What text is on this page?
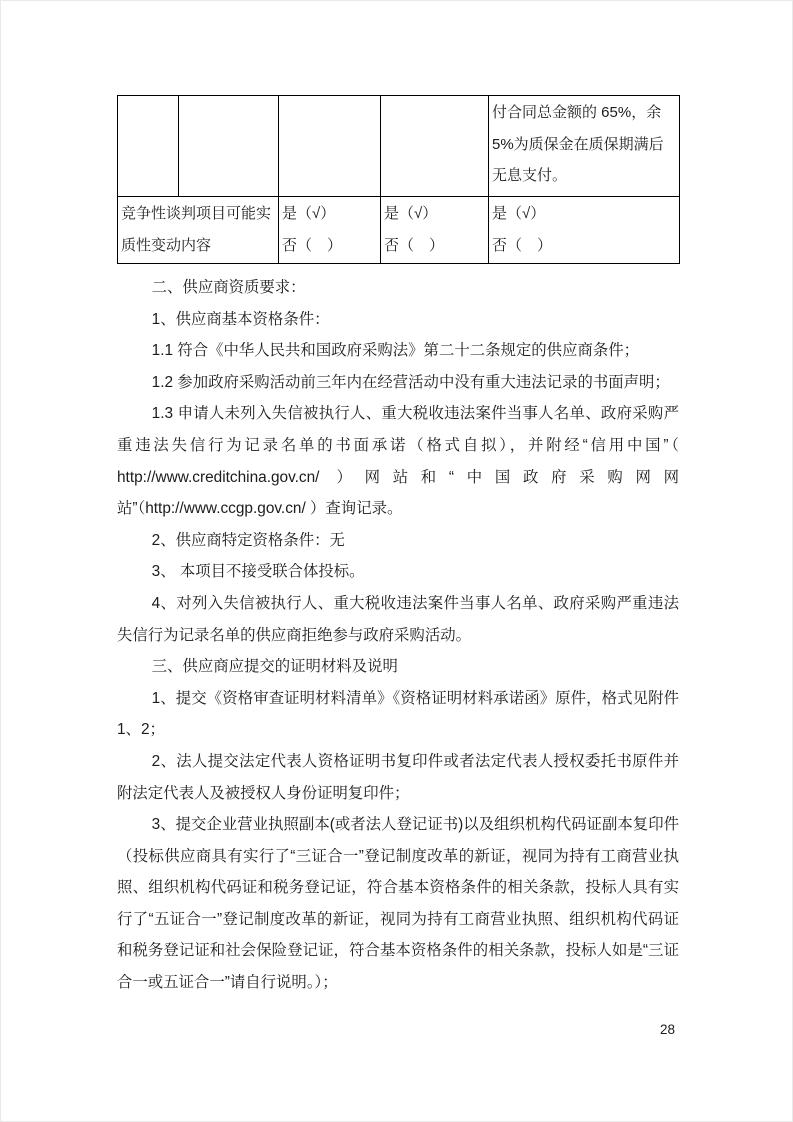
				付合同总金额的 65%，余 5%为质保金在质保期满后无息支付。
竞争性谈判项目可能实质性变动内容		是（√）
否（　）	是（√）
否（　）	是（√）
否（　）

二、供应商资质要求：

1、供应商基本资格条件：

1.1 符合《中华人民共和国政府采购法》第二十二条规定的供应商条件；

1.2 参加政府采购活动前三年内在经营活动中没有重大违法记录的书面声明；

1.3 申请人未列入失信被执行人、重大税收违法案件当事人名单、政府采购严重违法失信行为记录名单的书面承诺（格式自拟），并附经“信用中国”（ http://www.creditchina.gov.cn/ ）网站和“中国政府采购网网站”（http://www.ccgp.gov.cn/ ）查询记录。

2、供应商特定资格条件：无

3、 本项目不接受联合体投标。

4、对列入失信被执行人、重大税收违法案件当事人名单、政府采购严重违法失信行为记录名单的供应商拒绝参与政府采购活动。

三、供应商应提交的证明材料及说明

1、提交《资格审查证明材料清单》《资格证明材料承诺函》原件，格式见附件 1、2；

2、法人提交法定代表人资格证明书复印件或者法定代表人授权委托书原件并附法定代表人及被授权人身份证明复印件；

3、提交企业营业执照副本(或者法人登记证书)以及组织机构代码证副本复印件（投标供应商具有实行了“三证合一”登记制度改革的新证，视同为持有工商营业执照、组织机构代码证和税务登记证，符合基本资格条件的相关条款，投标人具有实行了“五证合一”登记制度改革的新证，视同为持有工商营业执照、组织机构代码证和税务登记证和社会保险登记证，符合基本资格条件的相关条款，投标人如是“三证合一或五证合一”请自行说明。）；

28
